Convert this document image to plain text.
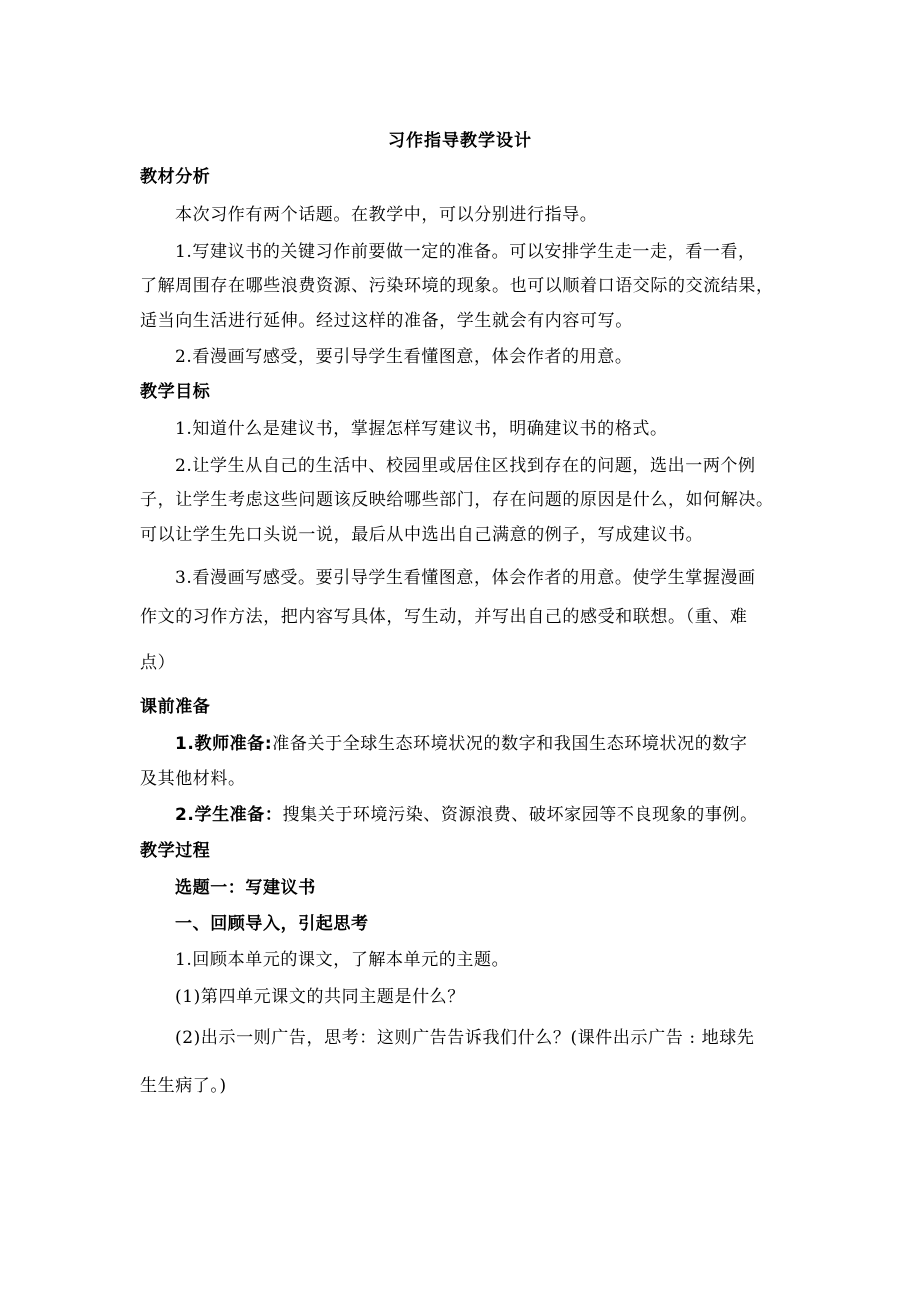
习作指导教学设计
教材分析
本次习作有两个话题。在教学中，可以分别进行指导。
1.写建议书的关键习作前要做一定的准备。可以安排学生走一走，看一看，
了解周围存在哪些浪费资源、污染环境的现象。也可以顺着口语交际的交流结果，
适当向生活进行延伸。经过这样的准备，学生就会有内容可写。
2.看漫画写感受，要引导学生看懂图意，体会作者的用意。
教学目标
1.知道什么是建议书，掌握怎样写建议书，明确建议书的格式。
2.让学生从自己的生活中、校园里或居住区找到存在的问题，选出一两个例
子，让学生考虑这些问题该反映给哪些部门，存在问题的原因是什么，如何解决。
可以让学生先口头说一说，最后从中选出自己满意的例子，写成建议书。
3.看漫画写感受。要引导学生看懂图意，体会作者的用意。使学生掌握漫画
作文的习作方法，把内容写具体，写生动，并写出自己的感受和联想。（重、难
点）
课前准备
1.教师准备:准备关于全球生态环境状况的数字和我国生态环境状况的数字
及其他材料。
2.学生准备：搜集关于环境污染、资源浪费、破坏家园等不良现象的事例。
教学过程
选题一：写建议书
一、回顾导入，引起思考
1.回顾本单元的课文，了解本单元的主题。
(1)第四单元课文的共同主题是什么？
(2)出示一则广告，思考：这则广告告诉我们什么？(课件出示广告 : 地球先
生生病了。)
